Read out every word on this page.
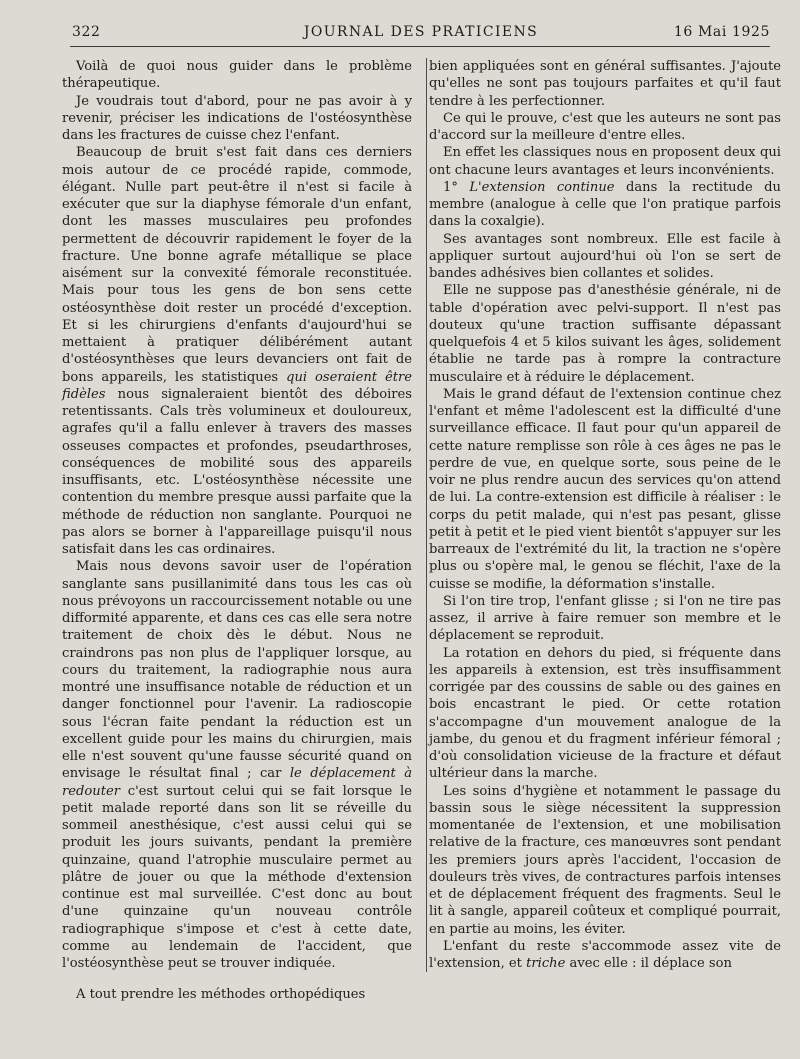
322	JOURNAL DES PRATICIENS	16 Mai 1925

Voilà de quoi nous guider dans le problème thérapeutique.

Je voudrais tout d'abord, pour ne pas avoir à y revenir, préciser les indications de l'ostéosynthèse dans les fractures de cuisse chez l'enfant.

Beaucoup de bruit s'est fait dans ces derniers mois autour de ce procédé rapide, commode, élégant. Nulle part peut-être il n'est si facile à exécuter que sur la diaphyse fémorale d'un enfant, dont les masses musculaires peu profondes permettent de découvrir rapidement le foyer de la fracture. Une bonne agrafe métallique se place aisément sur la convexité fémorale reconstituée. Mais pour tous les gens de bon sens cette ostéosynthèse doit rester un procédé d'exception. Et si les chirurgiens d'enfants d'aujourd'hui se mettaient à pratiquer délibérément autant d'ostéosynthèses que leurs devanciers ont fait de bons appareils, les statistiques qui oseraient être fidèles nous signaleraient bientôt des déboires retentissants. Cals très volumineux et douloureux, agrafes qu'il a fallu enlever à travers des masses osseuses compactes et profondes, pseudarthroses, conséquences de mobilité sous des appareils insuffisants, etc. L'ostéosynthèse nécessite une contention du membre presque aussi parfaite que la méthode de réduction non sanglante. Pourquoi ne pas alors se borner à l'appareillage puisqu'il nous satisfait dans les cas ordinaires.

Mais nous devons savoir user de l'opération sanglante sans pusillanimité dans tous les cas où nous prévoyons un raccourcissement notable ou une difformité apparente, et dans ces cas elle sera notre traitement de choix dès le début. Nous ne craindrons pas non plus de l'appliquer lorsque, au cours du traitement, la radiographie nous aura montré une insuffisance notable de réduction et un danger fonctionnel pour l'avenir. La radioscopie sous l'écran faite pendant la réduction est un excellent guide pour les mains du chirurgien, mais elle n'est souvent qu'une fausse sécurité quand on envisage le résultat final ; car le déplacement à redouter c'est surtout celui qui se fait lorsque le petit malade reporté dans son lit se réveille du sommeil anesthésique, c'est aussi celui qui se produit les jours suivants, pendant la première quinzaine, quand l'atrophie musculaire permet au plâtre de jouer ou que la méthode d'extension continue est mal surveillée. C'est donc au bout d'une quinzaine qu'un nouveau contrôle radiographique s'impose et c'est à cette date, comme au lendemain de l'accident, que l'ostéosynthèse peut se trouver indiquée.

A tout prendre les méthodes orthopédiques

bien appliquées sont en général suffisantes. J'ajoute qu'elles ne sont pas toujours parfaites et qu'il faut tendre à les perfectionner.

Ce qui le prouve, c'est que les auteurs ne sont pas d'accord sur la meilleure d'entre elles.

En effet les classiques nous en proposent deux qui ont chacune leurs avantages et leurs inconvénients.

1° L'extension continue dans la rectitude du membre (analogue à celle que l'on pratique parfois dans la coxalgie).

Ses avantages sont nombreux. Elle est facile à appliquer surtout aujourd'hui où l'on se sert de bandes adhésives bien collantes et solides.

Elle ne suppose pas d'anesthésie générale, ni de table d'opération avec pelvi-support. Il n'est pas douteux qu'une traction suffisante dépassant quelquefois 4 et 5 kilos suivant les âges, solidement établie ne tarde pas à rompre la contracture musculaire et à réduire le déplacement.

Mais le grand défaut de l'extension continue chez l'enfant et même l'adolescent est la difficulté d'une surveillance efficace. Il faut pour qu'un appareil de cette nature remplisse son rôle à ces âges ne pas le perdre de vue, en quelque sorte, sous peine de le voir ne plus rendre aucun des services qu'on attend de lui. La contre-extension est difficile à réaliser : le corps du petit malade, qui n'est pas pesant, glisse petit à petit et le pied vient bientôt s'appuyer sur les barreaux de l'extrémité du lit, la traction ne s'opère plus ou s'opère mal, le genou se fléchit, l'axe de la cuisse se modifie, la déformation s'installe.

Si l'on tire trop, l'enfant glisse ; si l'on ne tire pas assez, il arrive à faire remuer son membre et le déplacement se reproduit.

La rotation en dehors du pied, si fréquente dans les appareils à extension, est très insuffisamment corrigée par des coussins de sable ou des gaines en bois encastrant le pied. Or cette rotation s'accompagne d'un mouvement analogue de la jambe, du genou et du fragment inférieur fémoral ; d'où consolidation vicieuse de la fracture et défaut ultérieur dans la marche.

Les soins d'hygiène et notamment le passage du bassin sous le siège nécessitent la suppression momentanée de l'extension, et une mobilisation relative de la fracture, ces manœuvres sont pendant les premiers jours après l'accident, l'occasion de douleurs très vives, de contractures parfois intenses et de déplacement fréquent des fragments. Seul le lit à sangle, appareil coûteux et compliqué pourrait, en partie au moins, les éviter.

L'enfant du reste s'accommode assez vite de l'extension, et triche avec elle : il déplace son
